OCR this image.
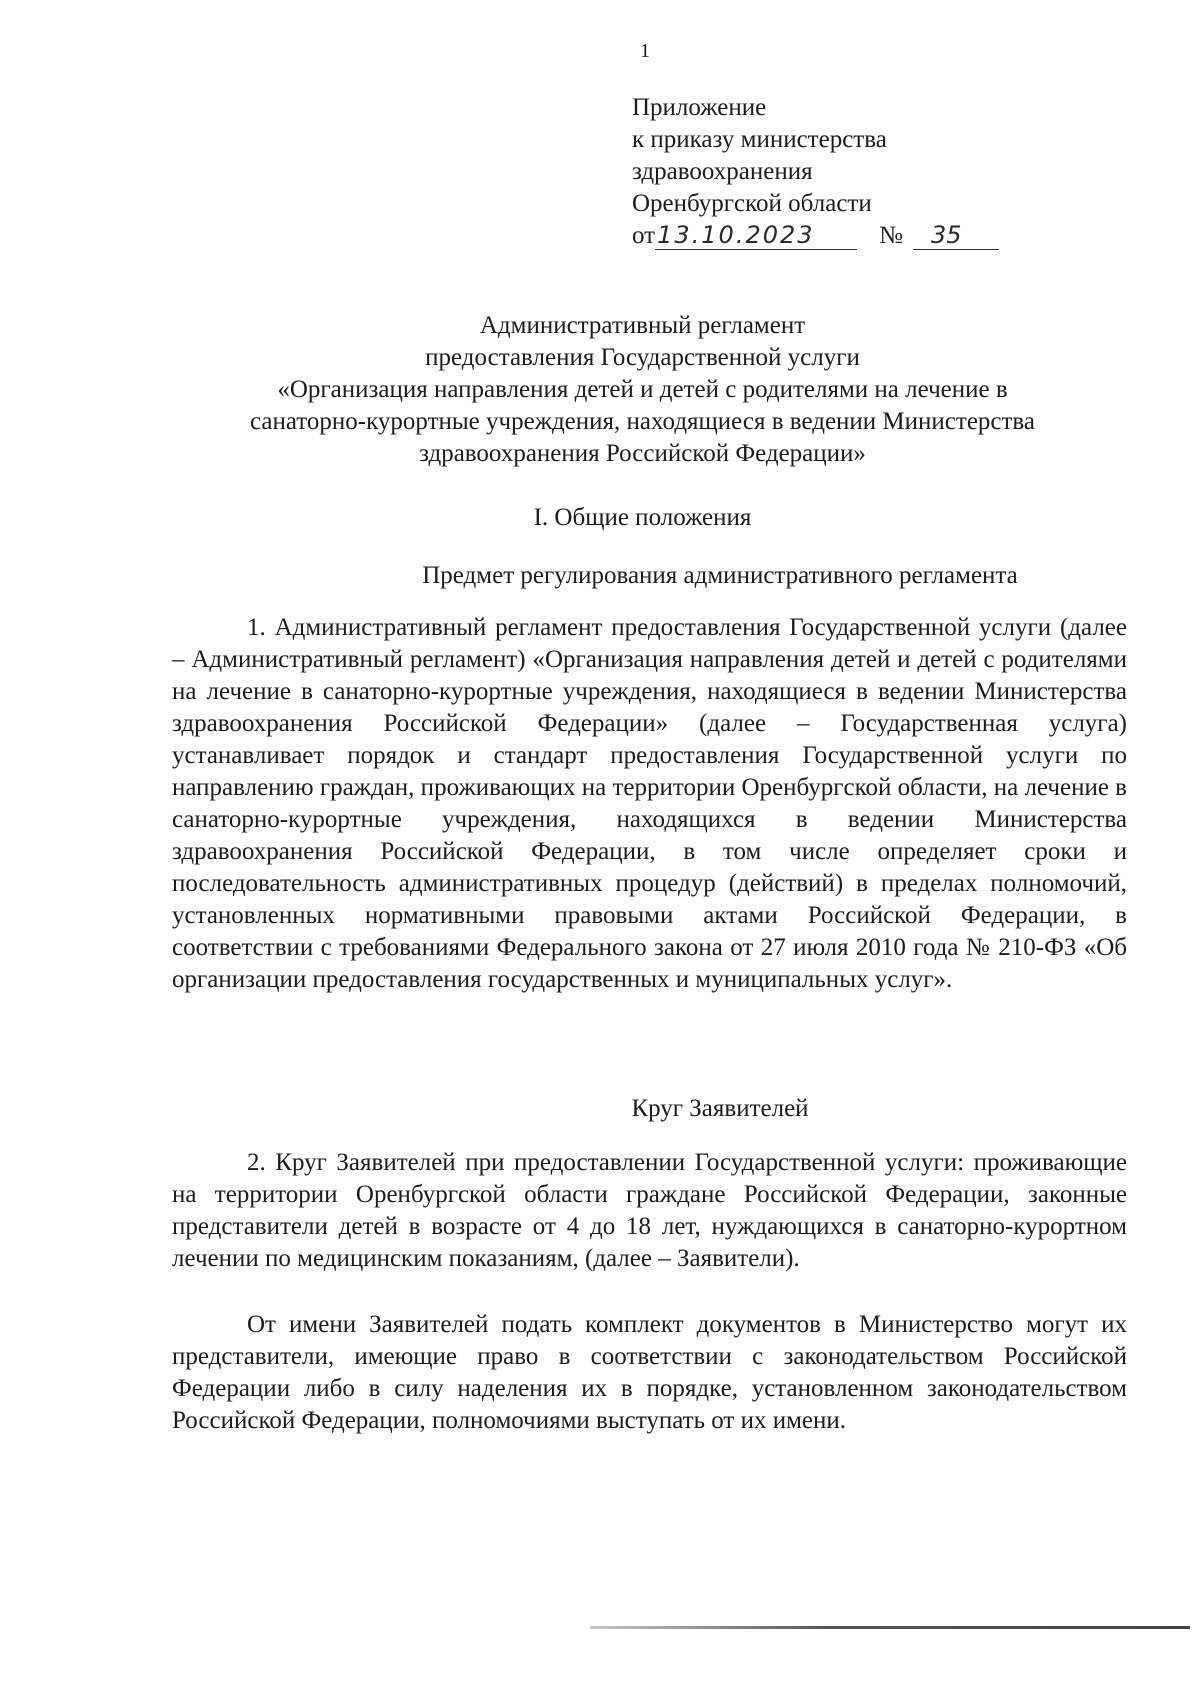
1
Приложение
к приказу министерства
здравоохранения
Оренбургской области
от13.10.2023	№ 35
Административный регламент
предоставления Государственной услуги
«Организация направления детей и детей с родителями на лечение в
санаторно-курортные учреждения, находящиеся в ведении Министерства
здравоохранения Российской Федерации»
I. Общие положения
Предмет регулирования административного регламента

1. Административный регламент предоставления Государственной услуги (далее – Административный регламент) «Организация направления детей и детей с родителями на лечение в санаторно-курортные учреждения, находящиеся в ведении Министерства здравоохранения Российской Федерации» (далее – Государственная услуга) устанавливает порядок и стандарт предоставления Государственной услуги по направлению граждан, проживающих на территории Оренбургской области, на лечение в санаторно-курортные учреждения, находящихся в ведении Министерства здравоохранения Российской Федерации, в том числе определяет сроки и последовательность административных процедур (действий) в пределах полномочий, установленных нормативными правовыми актами Российской Федерации, в соответствии с требованиями Федерального закона от 27 июля 2010 года № 210-ФЗ «Об организации предоставления государственных и муниципальных услуг».

Круг Заявителей

2. Круг Заявителей при предоставлении Государственной услуги: проживающие на территории Оренбургской области граждане Российской Федерации, законные представители детей в возрасте от 4 до 18 лет, нуждающихся в санаторно-курортном лечении по медицинским показаниям, (далее – Заявители).

От имени Заявителей подать комплект документов в Министерство могут их представители, имеющие право в соответствии с законодательством Российской Федерации либо в силу наделения их в порядке, установленном законодательством Российской Федерации, полномочиями выступать от их имени.
